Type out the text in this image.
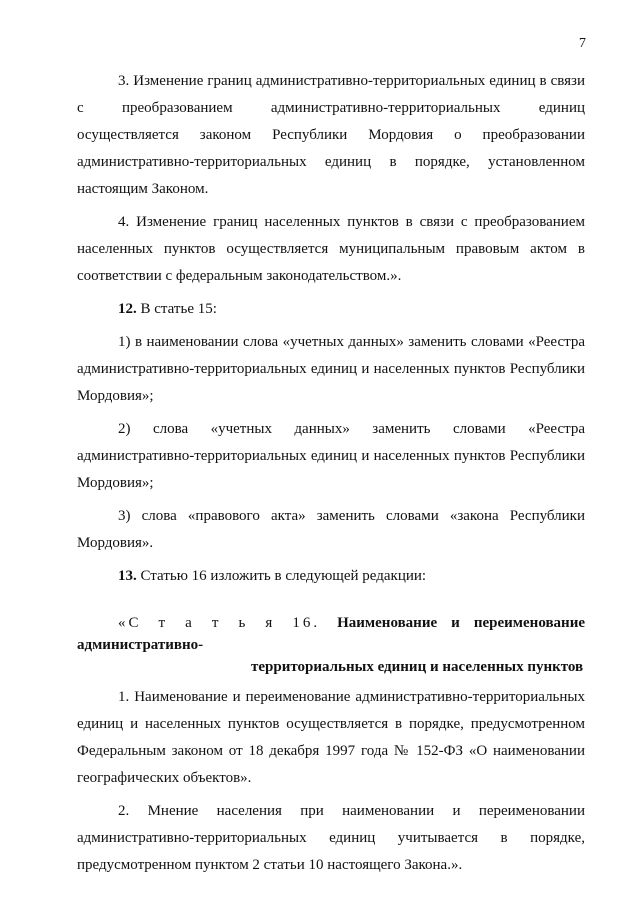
7

3. Изменение границ административно-территориальных единиц в связи с преобразованием административно-территориальных единиц осуществляется законом Республики Мордовия о преобразовании административно-территориальных единиц в порядке, установленном настоящим Законом.

4. Изменение границ населенных пунктов в связи с преобразованием населенных пунктов осуществляется муниципальным правовым актом в соответствии с федеральным законодательством.».

12. В статье 15:

1) в наименовании слова «учетных данных» заменить словами «Реестра административно-территориальных единиц и населенных пунктов Республики Мордовия»;

2) слова «учетных данных» заменить словами «Реестра административно-территориальных единиц и населенных пунктов Республики Мордовия»;

3) слова «правового акта» заменить словами «закона Республики Мордовия».

13. Статью 16 изложить в следующей редакции:

«С т а т ь я 16. Наименование и переименование административно-
территориальных единиц и населенных пунктов

1. Наименование и переименование административно-территориальных единиц и населенных пунктов осуществляется в порядке, предусмотренном Федеральным законом от 18 декабря 1997 года № 152-ФЗ «О наименовании географических объектов».

2. Мнение населения при наименовании и переименовании административно-территориальных единиц учитывается в порядке, предусмотренном пунктом 2 статьи 10 настоящего Закона.».
